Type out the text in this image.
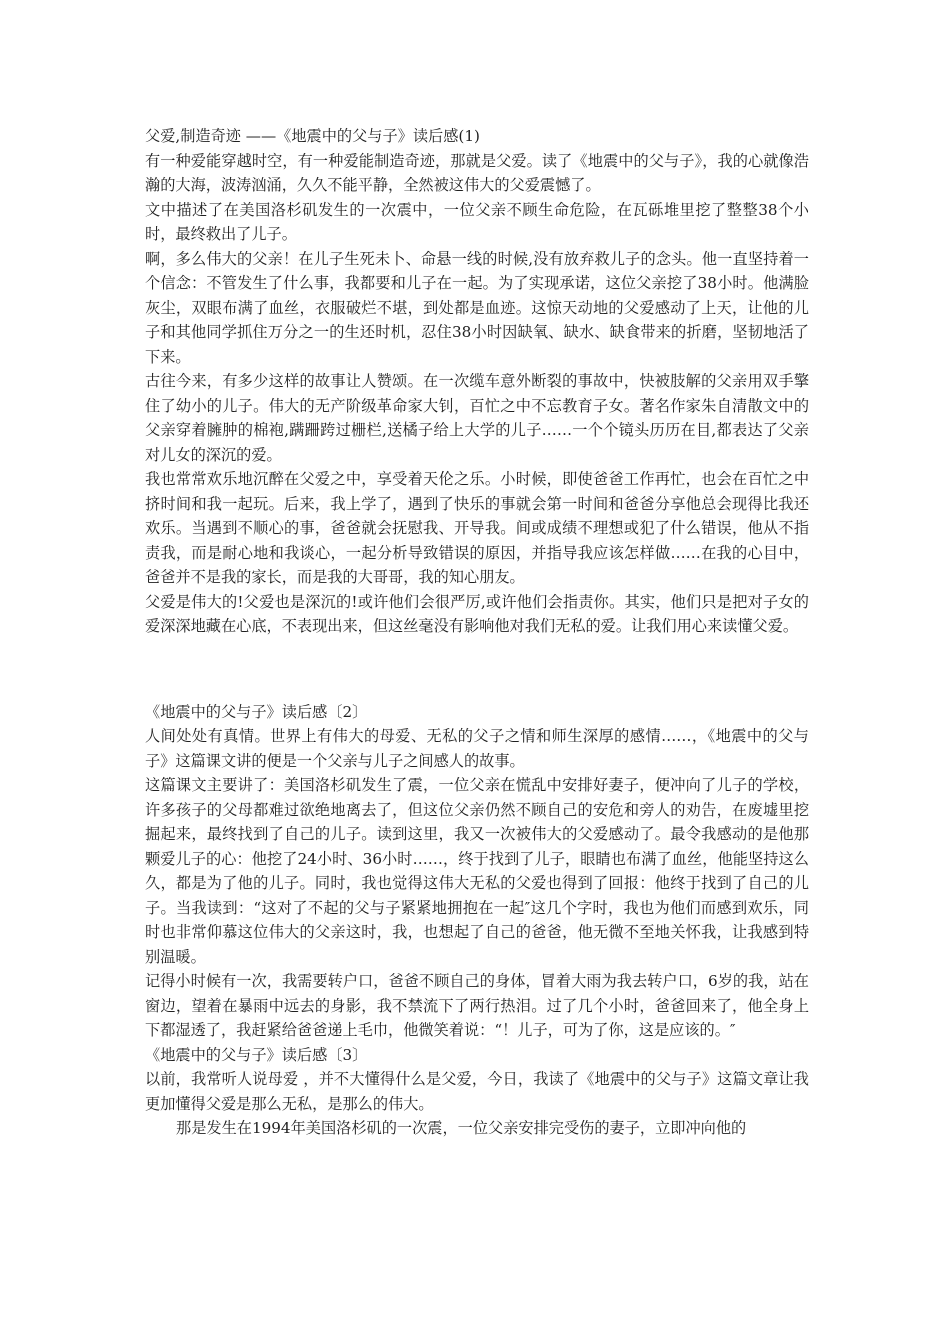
父爱,制造奇迹 ——《地震中的父与子》读后感(1)

有一种爱能穿越时空，有一种爱能制造奇迹，那就是父爱。读了《地震中的父与子》，我的心就像浩瀚的大海，波涛汹涌，久久不能平静，全然被这伟大的父爱震憾了。

文中描述了在美国洛杉矶发生的一次震中，一位父亲不顾生命危险，在瓦砾堆里挖了整整38个小时，最终救出了儿子。

啊，多么伟大的父亲！在儿子生死未卜、命悬一线的时候,没有放弃救儿子的念头。他一直坚持着一个信念：不管发生了什么事，我都要和儿子在一起。为了实现承诺，这位父亲挖了38小时。他满脸灰尘，双眼布满了血丝，衣服破烂不堪，到处都是血迹。这惊天动地的父爱感动了上天，让他的儿子和其他同学抓住万分之一的生还时机，忍住38小时因缺氧、缺水、缺食带来的折磨，坚韧地活了下来。

古往今来，有多少这样的故事让人赞颂。在一次缆车意外断裂的事故中，快被肢解的父亲用双手擎住了幼小的儿子。伟大的无产阶级革命家大钊，百忙之中不忘教育子女。著名作家朱自清散文中的父亲穿着臃肿的棉袍,蹒跚跨过栅栏,送橘子给上大学的儿子……一个个镜头历历在目,都表达了父亲对儿女的深沉的爱。

我也常常欢乐地沉醉在父爱之中，享受着天伦之乐。小时候，即使爸爸工作再忙，也会在百忙之中挤时间和我一起玩。后来，我上学了，遇到了快乐的事就会第一时间和爸爸分享他总会现得比我还欢乐。当遇到不顺心的事，爸爸就会抚慰我、开导我。间或成绩不理想或犯了什么错误，他从不指责我，而是耐心地和我谈心，一起分析导致错误的原因，并指导我应该怎样做……在我的心目中，爸爸并不是我的家长，而是我的大哥哥，我的知心朋友。

父爱是伟大的!父爱也是深沉的!或许他们会很严厉,或许他们会指责你。其实，他们只是把对子女的爱深深地藏在心底，不表现出来，但这丝毫没有影响他对我们无私的爱。让我们用心来读懂父爱。

《地震中的父与子》读后感〔2〕

人间处处有真情。世界上有伟大的母爱、无私的父子之情和师生深厚的感情……，《地震中的父与子》这篇课文讲的便是一个父亲与儿子之间感人的故事。

这篇课文主要讲了：美国洛杉矶发生了震，一位父亲在慌乱中安排好妻子，便冲向了儿子的学校，许多孩子的父母都难过欲绝地离去了，但这位父亲仍然不顾自己的安危和旁人的劝告，在废墟里挖掘起来，最终找到了自己的儿子。读到这里，我又一次被伟大的父爱感动了。最令我感动的是他那颗爱儿子的心：他挖了24小时、36小时……，终于找到了儿子，眼睛也布满了血丝，他能坚持这么久，都是为了他的儿子。同时，我也觉得这伟大无私的父爱也得到了回报：他终于找到了自己的儿子。当我读到：“这对了不起的父与子紧紧地拥抱在一起″这几个字时，我也为他们而感到欢乐，同时也非常仰慕这位伟大的父亲这时，我，也想起了自己的爸爸，他无微不至地关怀我，让我感到特别温暖。

记得小时候有一次，我需要转户口，爸爸不顾自己的身体，冒着大雨为我去转户口，6岁的我，站在窗边，望着在暴雨中远去的身影，我不禁流下了两行热泪。过了几个小时，爸爸回来了，他全身上下都湿透了，我赶紧给爸爸递上毛巾，他微笑着说：“！儿子，可为了你，这是应该的。″

《地震中的父与子》读后感〔3〕

以前，我常听人说母爱 ，并不大懂得什么是父爱，今日，我读了《地震中的父与子》这篇文章让我更加懂得父爱是那么无私，是那么的伟大。

那是发生在1994年美国洛杉矶的一次震，一位父亲安排完受伤的妻子，立即冲向他的
